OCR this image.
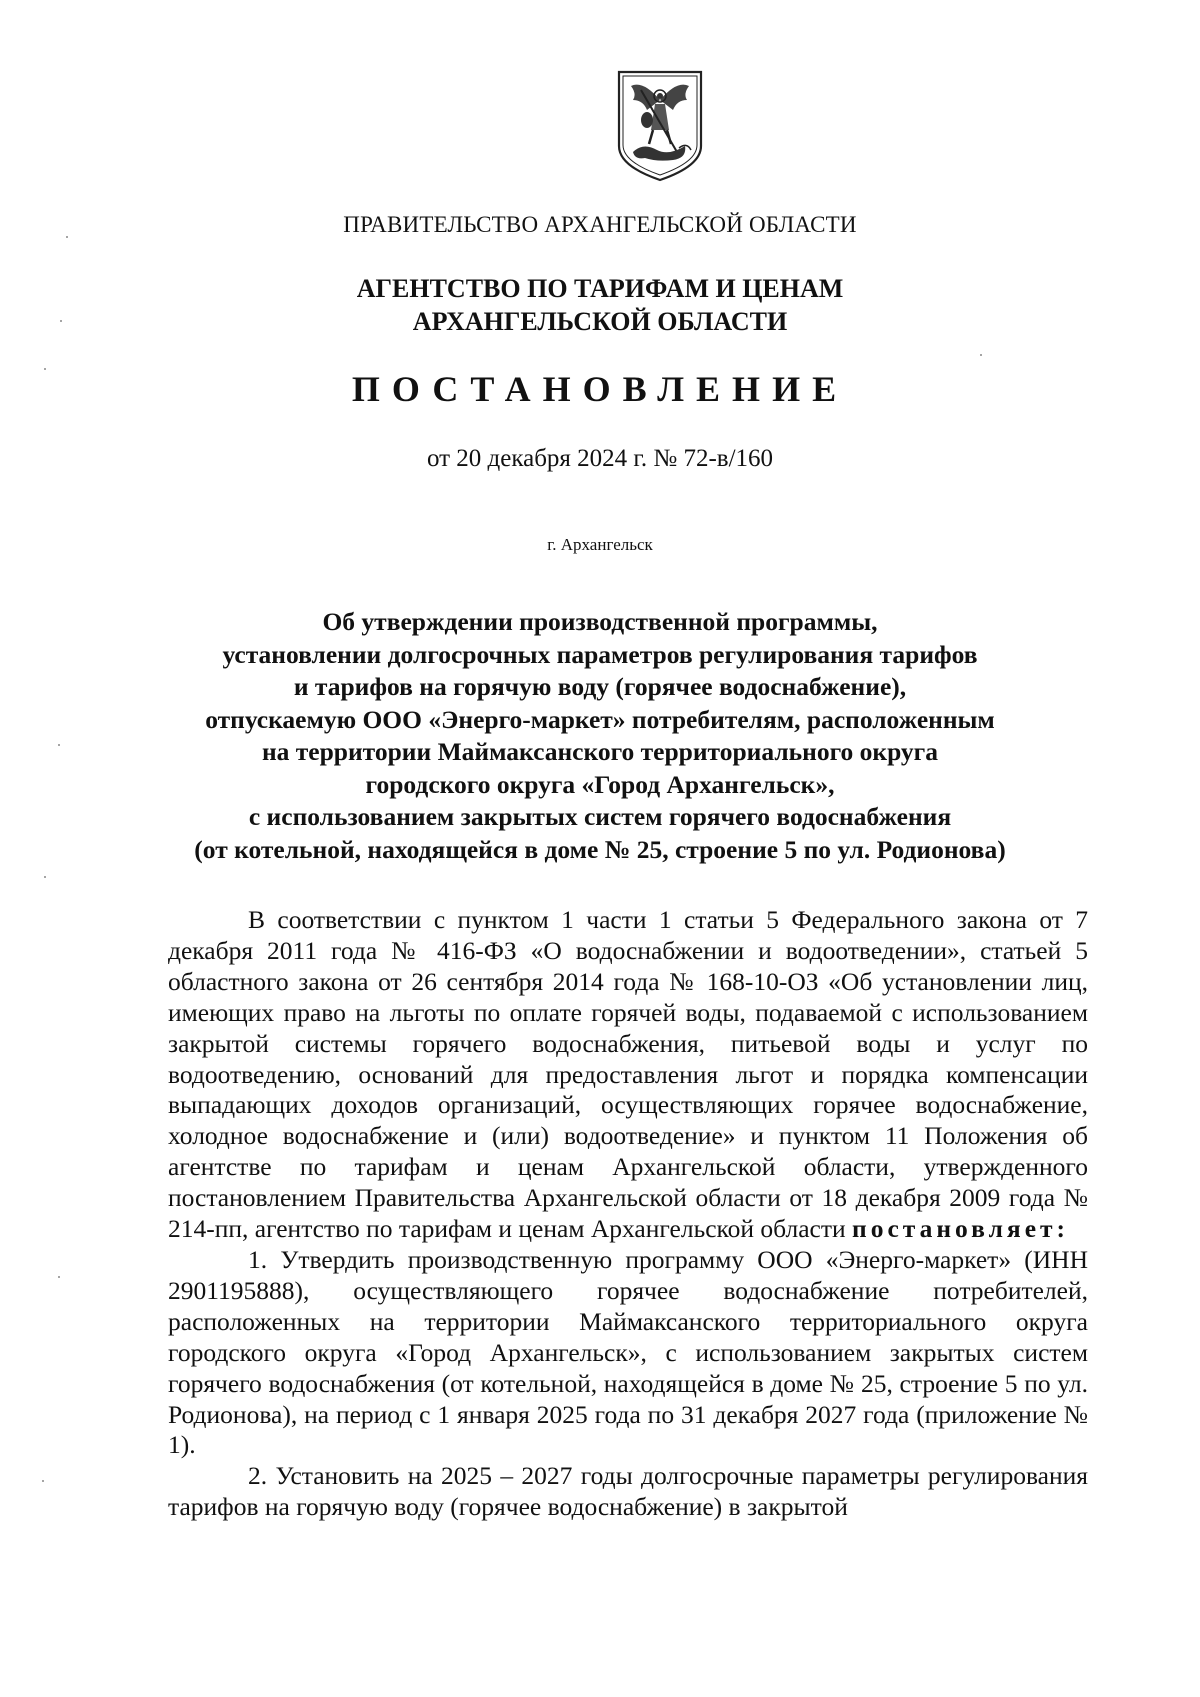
ПРАВИТЕЛЬСТВО АРХАНГЕЛЬСКОЙ ОБЛАСТИ
АГЕНТСТВО ПО ТАРИФАМ И ЦЕНАМ
АРХАНГЕЛЬСКОЙ ОБЛАСТИ
ПОСТАНОВЛЕНИЕ
от 20 декабря 2024 г. № 72-в/160
г. Архангельск
Об утверждении производственной программы,
установлении долгосрочных параметров регулирования тарифов
и тарифов на горячую воду (горячее водоснабжение),
отпускаемую ООО «Энерго-маркет» потребителям, расположенным
на территории Маймаксанского территориального округа
городского округа «Город Архангельск»,
с использованием закрытых систем горячего водоснабжения
(от котельной, находящейся в доме № 25, строение 5 по ул. Родионова)

В соответствии с пунктом 1 части 1 статьи 5 Федерального закона от 7 декабря 2011 года № 416-ФЗ «О водоснабжении и водоотведении», статьей 5 областного закона от 26 сентября 2014 года № 168-10-ОЗ «Об установлении лиц, имеющих право на льготы по оплате горячей воды, подаваемой с использованием закрытой системы горячего водоснабжения, питьевой воды и услуг по водоотведению, оснований для предоставления льгот и порядка компенсации выпадающих доходов организаций, осуществляющих горячее водоснабжение, холодное водоснабжение и (или) водоотведение» и пунктом 11 Положения об агентстве по тарифам и ценам Архангельской области, утвержденного постановлением Правительства Архангельской области от 18 декабря 2009 года № 214-пп, агентство по тарифам и ценам Архангельской области постановляет:

1. Утвердить производственную программу ООО «Энерго-маркет» (ИНН 2901195888), осуществляющего горячее водоснабжение потребителей, расположенных на территории Маймаксанского территориального округа городского округа «Город Архангельск», с использованием закрытых систем горячего водоснабжения (от котельной, находящейся в доме № 25, строение 5 по ул. Родионова), на период с 1 января 2025 года по 31 декабря 2027 года (приложение № 1).

2. Установить на 2025 – 2027 годы долгосрочные параметры регулирования тарифов на горячую воду (горячее водоснабжение) в закрытой
